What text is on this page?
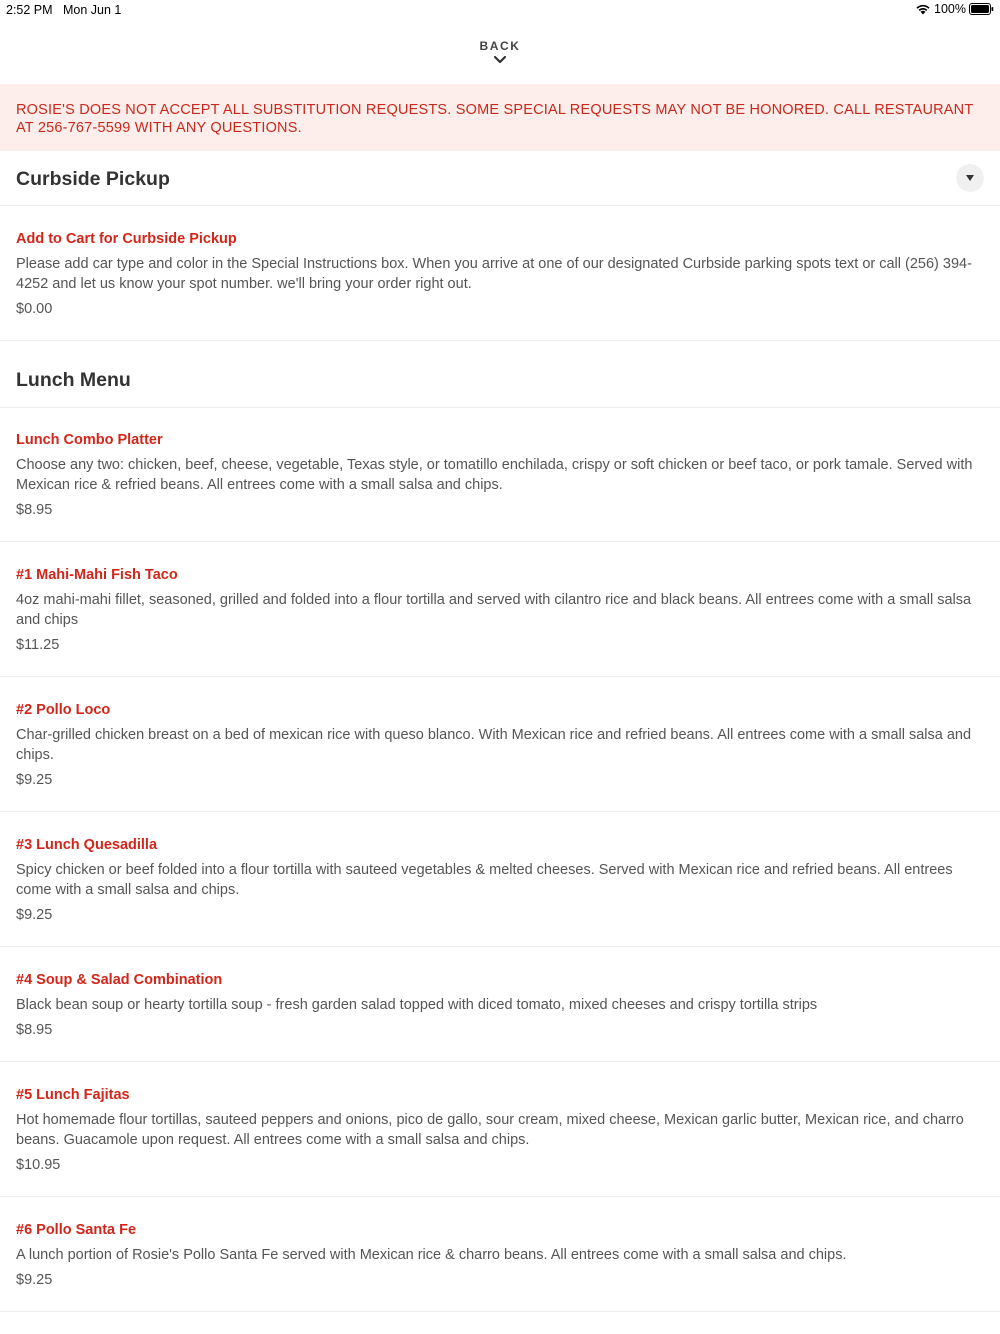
2:52 PM Mon Jun 1	100%
BACK
ROSIE'S DOES NOT ACCEPT ALL SUBSTITUTION REQUESTS. SOME SPECIAL REQUESTS MAY NOT BE HONORED. CALL RESTAURANT AT 256-767-5599 WITH ANY QUESTIONS.
Curbside Pickup
Add to Cart for Curbside Pickup
Please add car type and color in the Special Instructions box. When you arrive at one of our designated Curbside parking spots text or call (256) 394-4252 and let us know your spot number. we'll bring your order right out.
$0.00
Lunch Menu
Lunch Combo Platter
Choose any two: chicken, beef, cheese, vegetable, Texas style, or tomatillo enchilada, crispy or soft chicken or beef taco, or pork tamale. Served with Mexican rice & refried beans. All entrees come with a small salsa and chips.
$8.95
#1 Mahi-Mahi Fish Taco
4oz mahi-mahi fillet, seasoned, grilled and folded into a flour tortilla and served with cilantro rice and black beans. All entrees come with a small salsa and chips
$11.25
#2 Pollo Loco
Char-grilled chicken breast on a bed of mexican rice with queso blanco. With Mexican rice and refried beans. All entrees come with a small salsa and chips.
$9.25
#3 Lunch Quesadilla
Spicy chicken or beef folded into a flour tortilla with sauteed vegetables & melted cheeses. Served with Mexican rice and refried beans. All entrees come with a small salsa and chips.
$9.25
#4 Soup & Salad Combination
Black bean soup or hearty tortilla soup - fresh garden salad topped with diced tomato, mixed cheeses and crispy tortilla strips
$8.95
#5 Lunch Fajitas
Hot homemade flour tortillas, sauteed peppers and onions, pico de gallo, sour cream, mixed cheese, Mexican garlic butter, Mexican rice, and charro beans. Guacamole upon request. All entrees come with a small salsa and chips.
$10.95
#6 Pollo Santa Fe
A lunch portion of Rosie's Pollo Santa Fe served with Mexican rice & charro beans. All entrees come with a small salsa and chips.
$9.25
